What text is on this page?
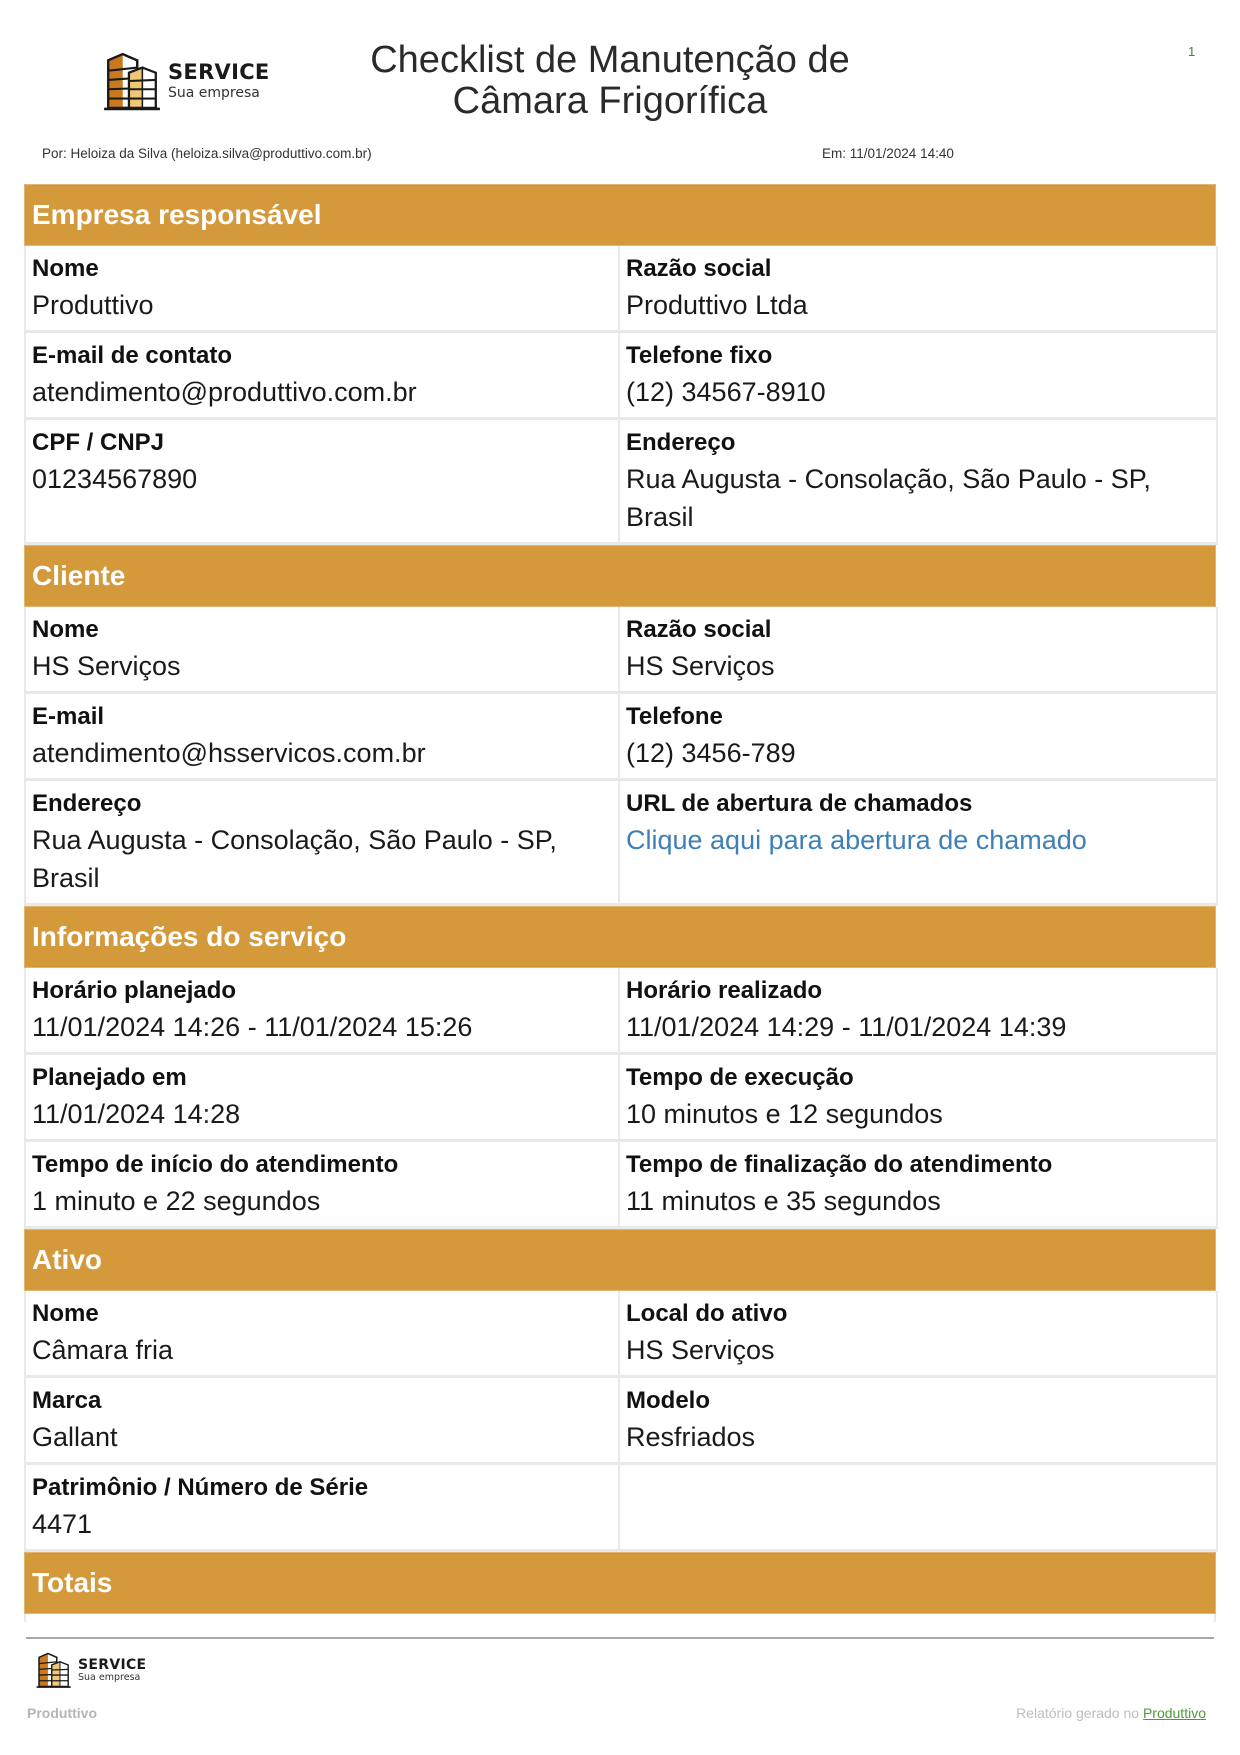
SERVICE
Sua empresa
Checklist de Manutenção de
Câmara Frigorífica
1
Por: Heloiza da Silva (heloiza.silva@produttivo.com.br)	Em: 11/01/2024 14:40
Empresa responsável
Nome
Produttivo
Razão social
Produttivo Ltda
E-mail de contato
atendimento@produttivo.com.br
Telefone fixo
(12) 34567-8910
CPF / CNPJ
01234567890
Endereço
Rua Augusta - Consolação, São Paulo - SP, Brasil
Cliente
Nome
HS Serviços
Razão social
HS Serviços
E-mail
atendimento@hsservicos.com.br
Telefone
(12) 3456-789
Endereço
Rua Augusta - Consolação, São Paulo - SP, Brasil
URL de abertura de chamados
Clique aqui para abertura de chamado
Informações do serviço
Horário planejado
11/01/2024 14:26 - 11/01/2024 15:26
Horário realizado
11/01/2024 14:29 - 11/01/2024 14:39
Planejado em
11/01/2024 14:28
Tempo de execução
10 minutos e 12 segundos
Tempo de início do atendimento
1 minuto e 22 segundos
Tempo de finalização do atendimento
11 minutos e 35 segundos
Ativo
Nome
Câmara fria
Local do ativo
HS Serviços
Marca
Gallant
Modelo
Resfriados
Patrimônio / Número de Série
4471
Totais
SERVICE
Sua empresa
Produttivo	Relatório gerado no Produttivo
